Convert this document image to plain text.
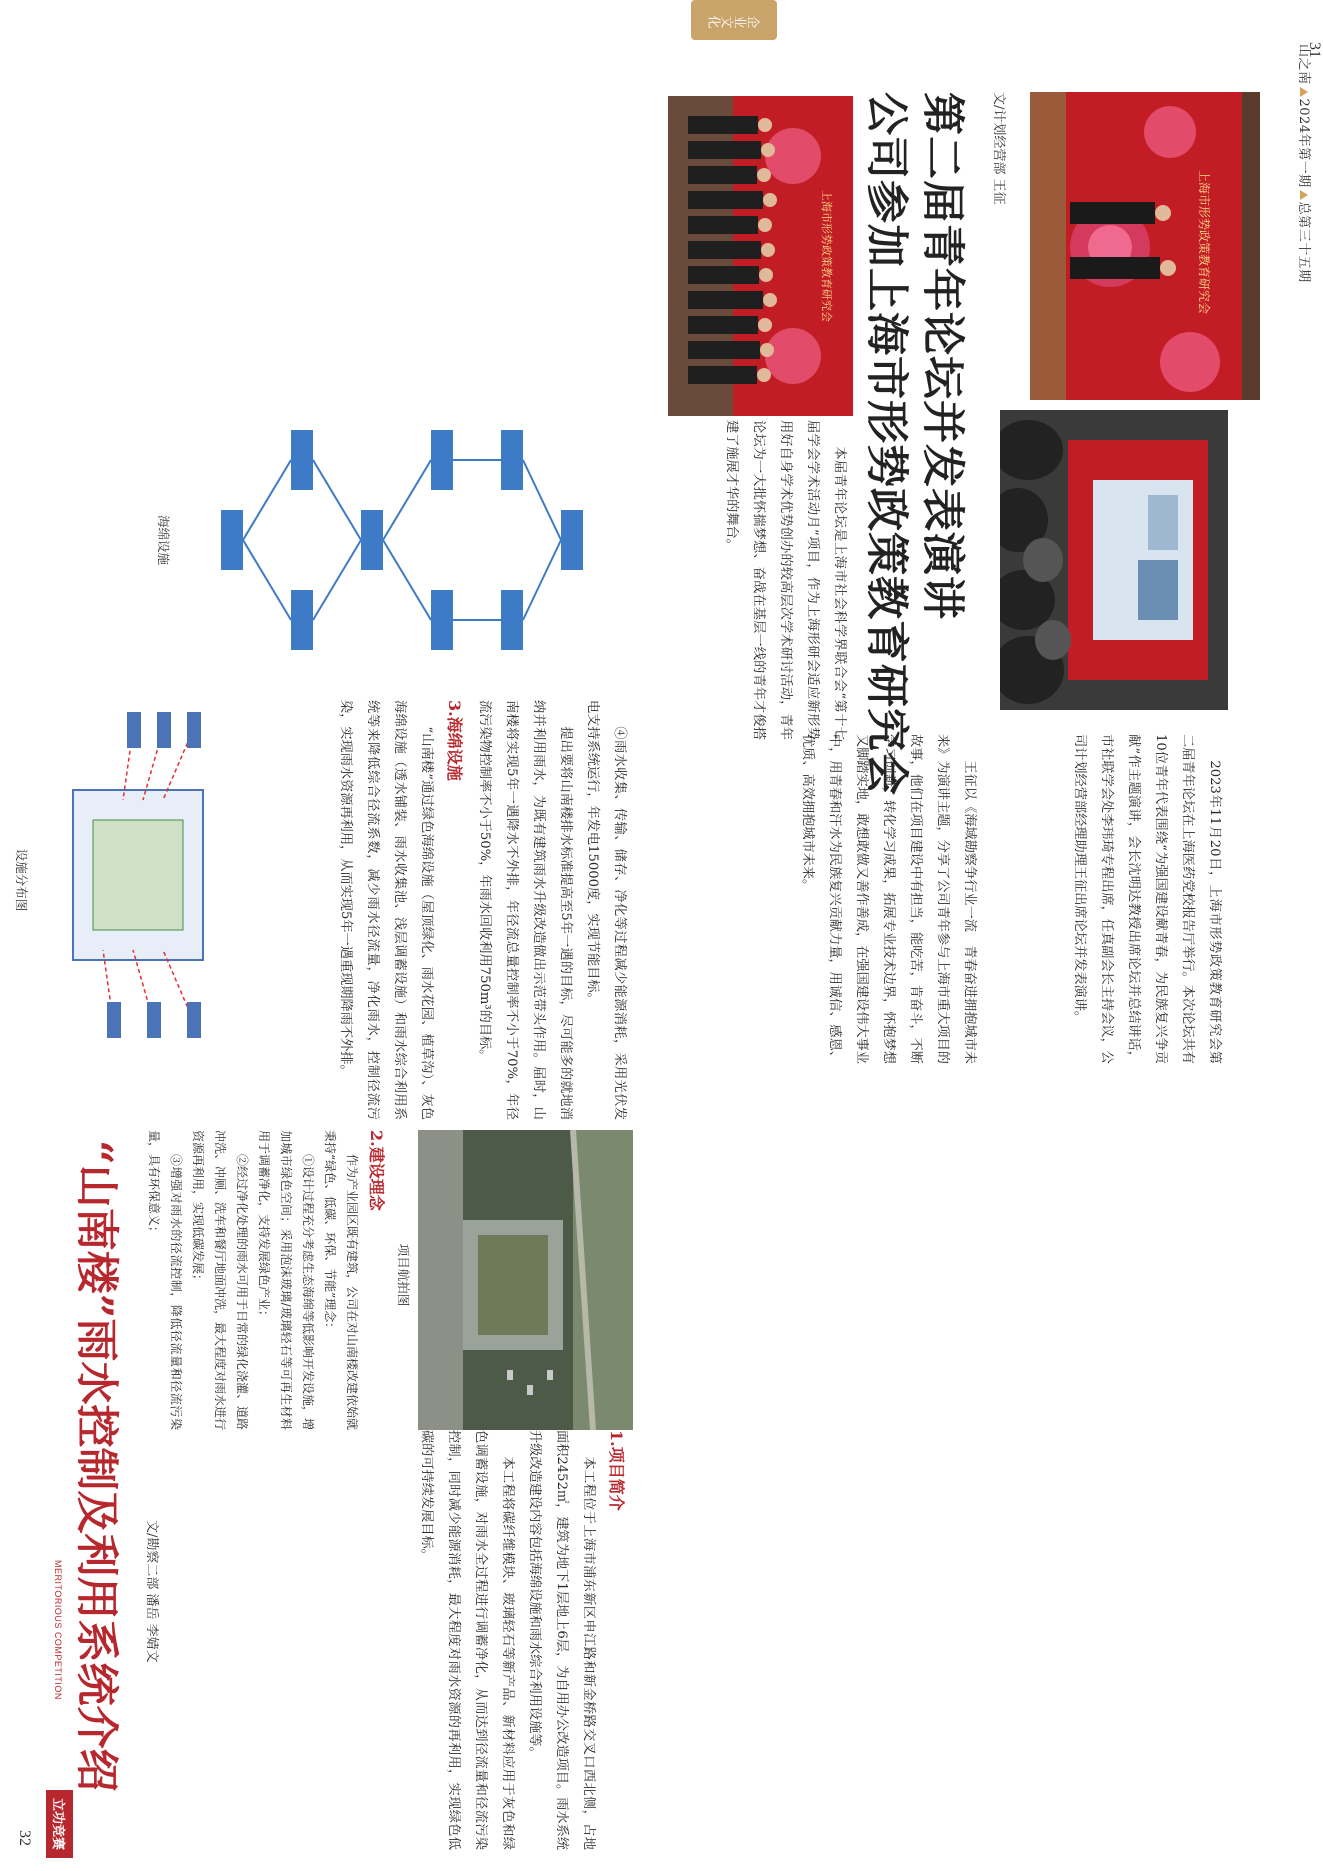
山之南2024年第一期总第三十五期
企业文化
31
公司参加上海市形势政策教育研究会 第二届青年论坛并发表演讲 文/计划经营部 王征
上海市形势政策教育研究会
上海市形势政策教育研究会

本届青年论坛是上海市社会科学界联合会“第十七届学会学术活动月”项目，作为上海形研会适应新形势用好自身学术优势创办的较高层次学术研讨活动，青年论坛为一大批怀揣梦想、奋战在基层一线的青年才俊搭建了施展才华的舞台。

2023年11月20日，上海市形势政策教育研究会第二届青年论坛在上海医药党校报告厅举行。本次论坛共有10位青年代表围绕“为强国建设献青春，为民族复兴争贡献”作主题演讲，会长沈明达教授出席论坛并总结讲话，市社联学会处李玮琦专程出席，任真副会长主持会议，公司计划经营部经理助理王征出席论坛并发表演讲。

王征以《海域勘察争行业一流　青春奋进拥抱城市未来》为演讲主题，分享了公司青年参与上海市重大项目的故事，他们在项目建设中有担当，能吃苦，肯奋斗，不断学习创新，转化学习成果，拓展专业技术边界，怀抱梦想又脚踏实地，敢想敢做又善作善成，在强国建设伟大事业中，用青春和汗水为民族复兴贡献力量，用诚信、感恩、优质、高效拥抱城市未来。

立功竞赛
MERITORIOUS COMPETITION
32
“山南楼”雨水控制及利用系统介绍 文/勘察二部 潘岳 李婧文
1.项目简介

本工程位于上海市浦东新区申江路和新金桥路交叉口西北侧，占地面积2452㎡，建筑为地下1层地上6层，为自用办公改造项目。雨水系统升级改造建设内容包括海绵设施和雨水综合利用设施等。

本工程将碳纤维模块、玻璃轻石等新产品、新材料应用于灰色和绿色调蓄设施，对雨水全过程进行调蓄净化，从而达到径流量和径流污染控制，同时减少能源消耗，最大程度对雨水资源的再利用，实现绿色低碳的可持续发展目标。

项目航拍图
2.建设理念

作为产业园区既有建筑，公司在对山南楼改建依始就秉持“绿色、低碳、环保、节能”理念：

①设计过程充分考虑生态海绵等低影响开发设施，增加城市绿色空间；采用泡沫玻璃/玻璃轻石等可再生材料用于调蓄净化，支持发展绿色产业；

②经过净化处理的雨水可用于日常的绿化浇灌、道路冲洗、冲厕、洗车和餐厅地面冲洗，最大程度对雨水进行资源再利用，实现低碳发展；

③增强对雨水的径流控制，降低径流量和径流污染量，具有环保意义；

④雨水收集、传输、储存、净化等过程减少能源消耗，采用光伏发电支持系统运行，年发电15000度，实现节能目标。

提出要将山南楼排水标准提高至5年一遇的目标，尽可能多的就地消纳并利用雨水，为既有建筑雨水升级改造做出示范带头作用。届时，山南楼将实现5年一遇降水不外排，年径流总量控制率不小于70%，年径流污染物控制率不小于50%，年雨水回收利用750m³的目标。

3.海绵设施

“山南楼”通过绿色海绵设施（屋顶绿化、雨水花园、植草沟）、灰色海绵设施（透水铺装、雨水收集池、浅层调蓄设施）和雨水综合利用系统等来降低综合径流系数，减少雨水径流量，净化雨水，控制径流污染，实现雨水资源再利用，从而实现5年一遇重现期降雨不外排。

设施分布图
海绵设施
